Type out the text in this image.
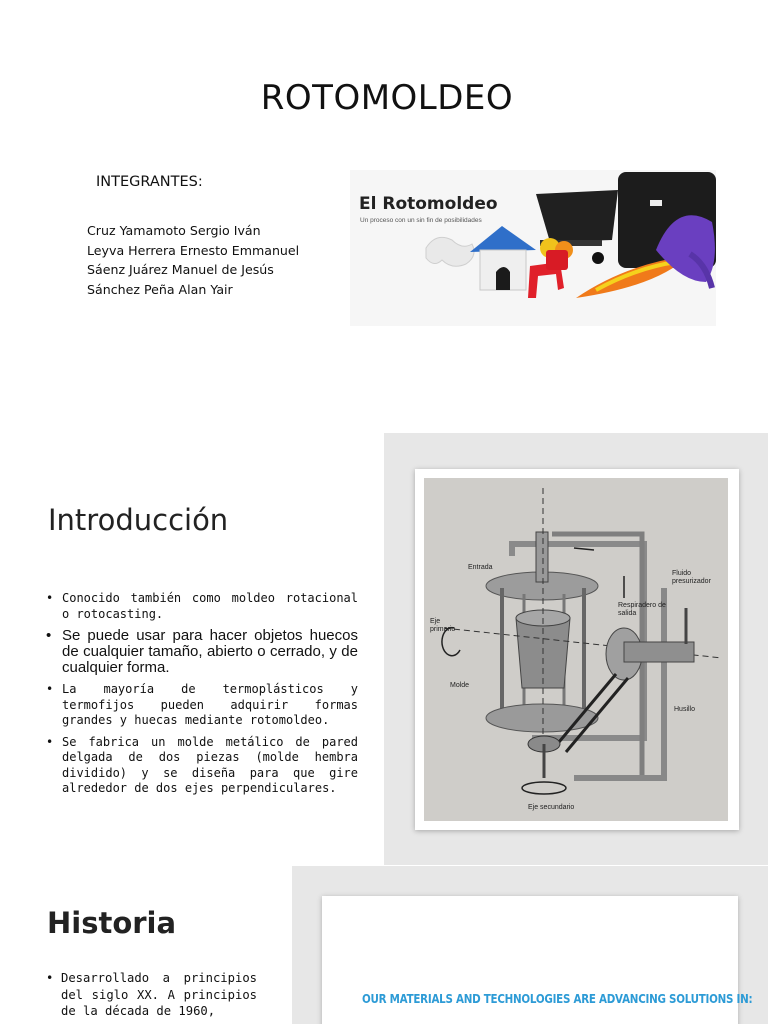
ROTOMOLDEO
INTEGRANTES:
Cruz Yamamoto Sergio Iván
Leyva Herrera Ernesto Emmanuel
Sáenz Juárez Manuel de Jesús
Sánchez Peña Alan Yair
El Rotomoldeo
Un proceso con un sin fin de posibilidades
Introducción
• Conocido también como moldeo rotacional o rotocasting.
• Se puede usar para hacer objetos huecos de cualquier tamaño, abierto o cerrado, y de cualquier forma.
• La mayoría de termoplásticos y termofijos pueden adquirir formas grandes y huecas mediante rotomoldeo.
• Se fabrica un molde metálico de pared delgada de dos piezas (molde hembra dividido) y se diseña para que gire alrededor de dos ejes perpendiculares.
Entrada
Eje primario
Respiradero de salida
Fluido presurizador
Molde
Husillo
Eje secundario
Historia
• Desarrollado a principios del siglo XX. A principios de la década de 1960,
OUR MATERIALS AND TECHNOLOGIES ARE ADVANCING SOLUTIONS IN:
